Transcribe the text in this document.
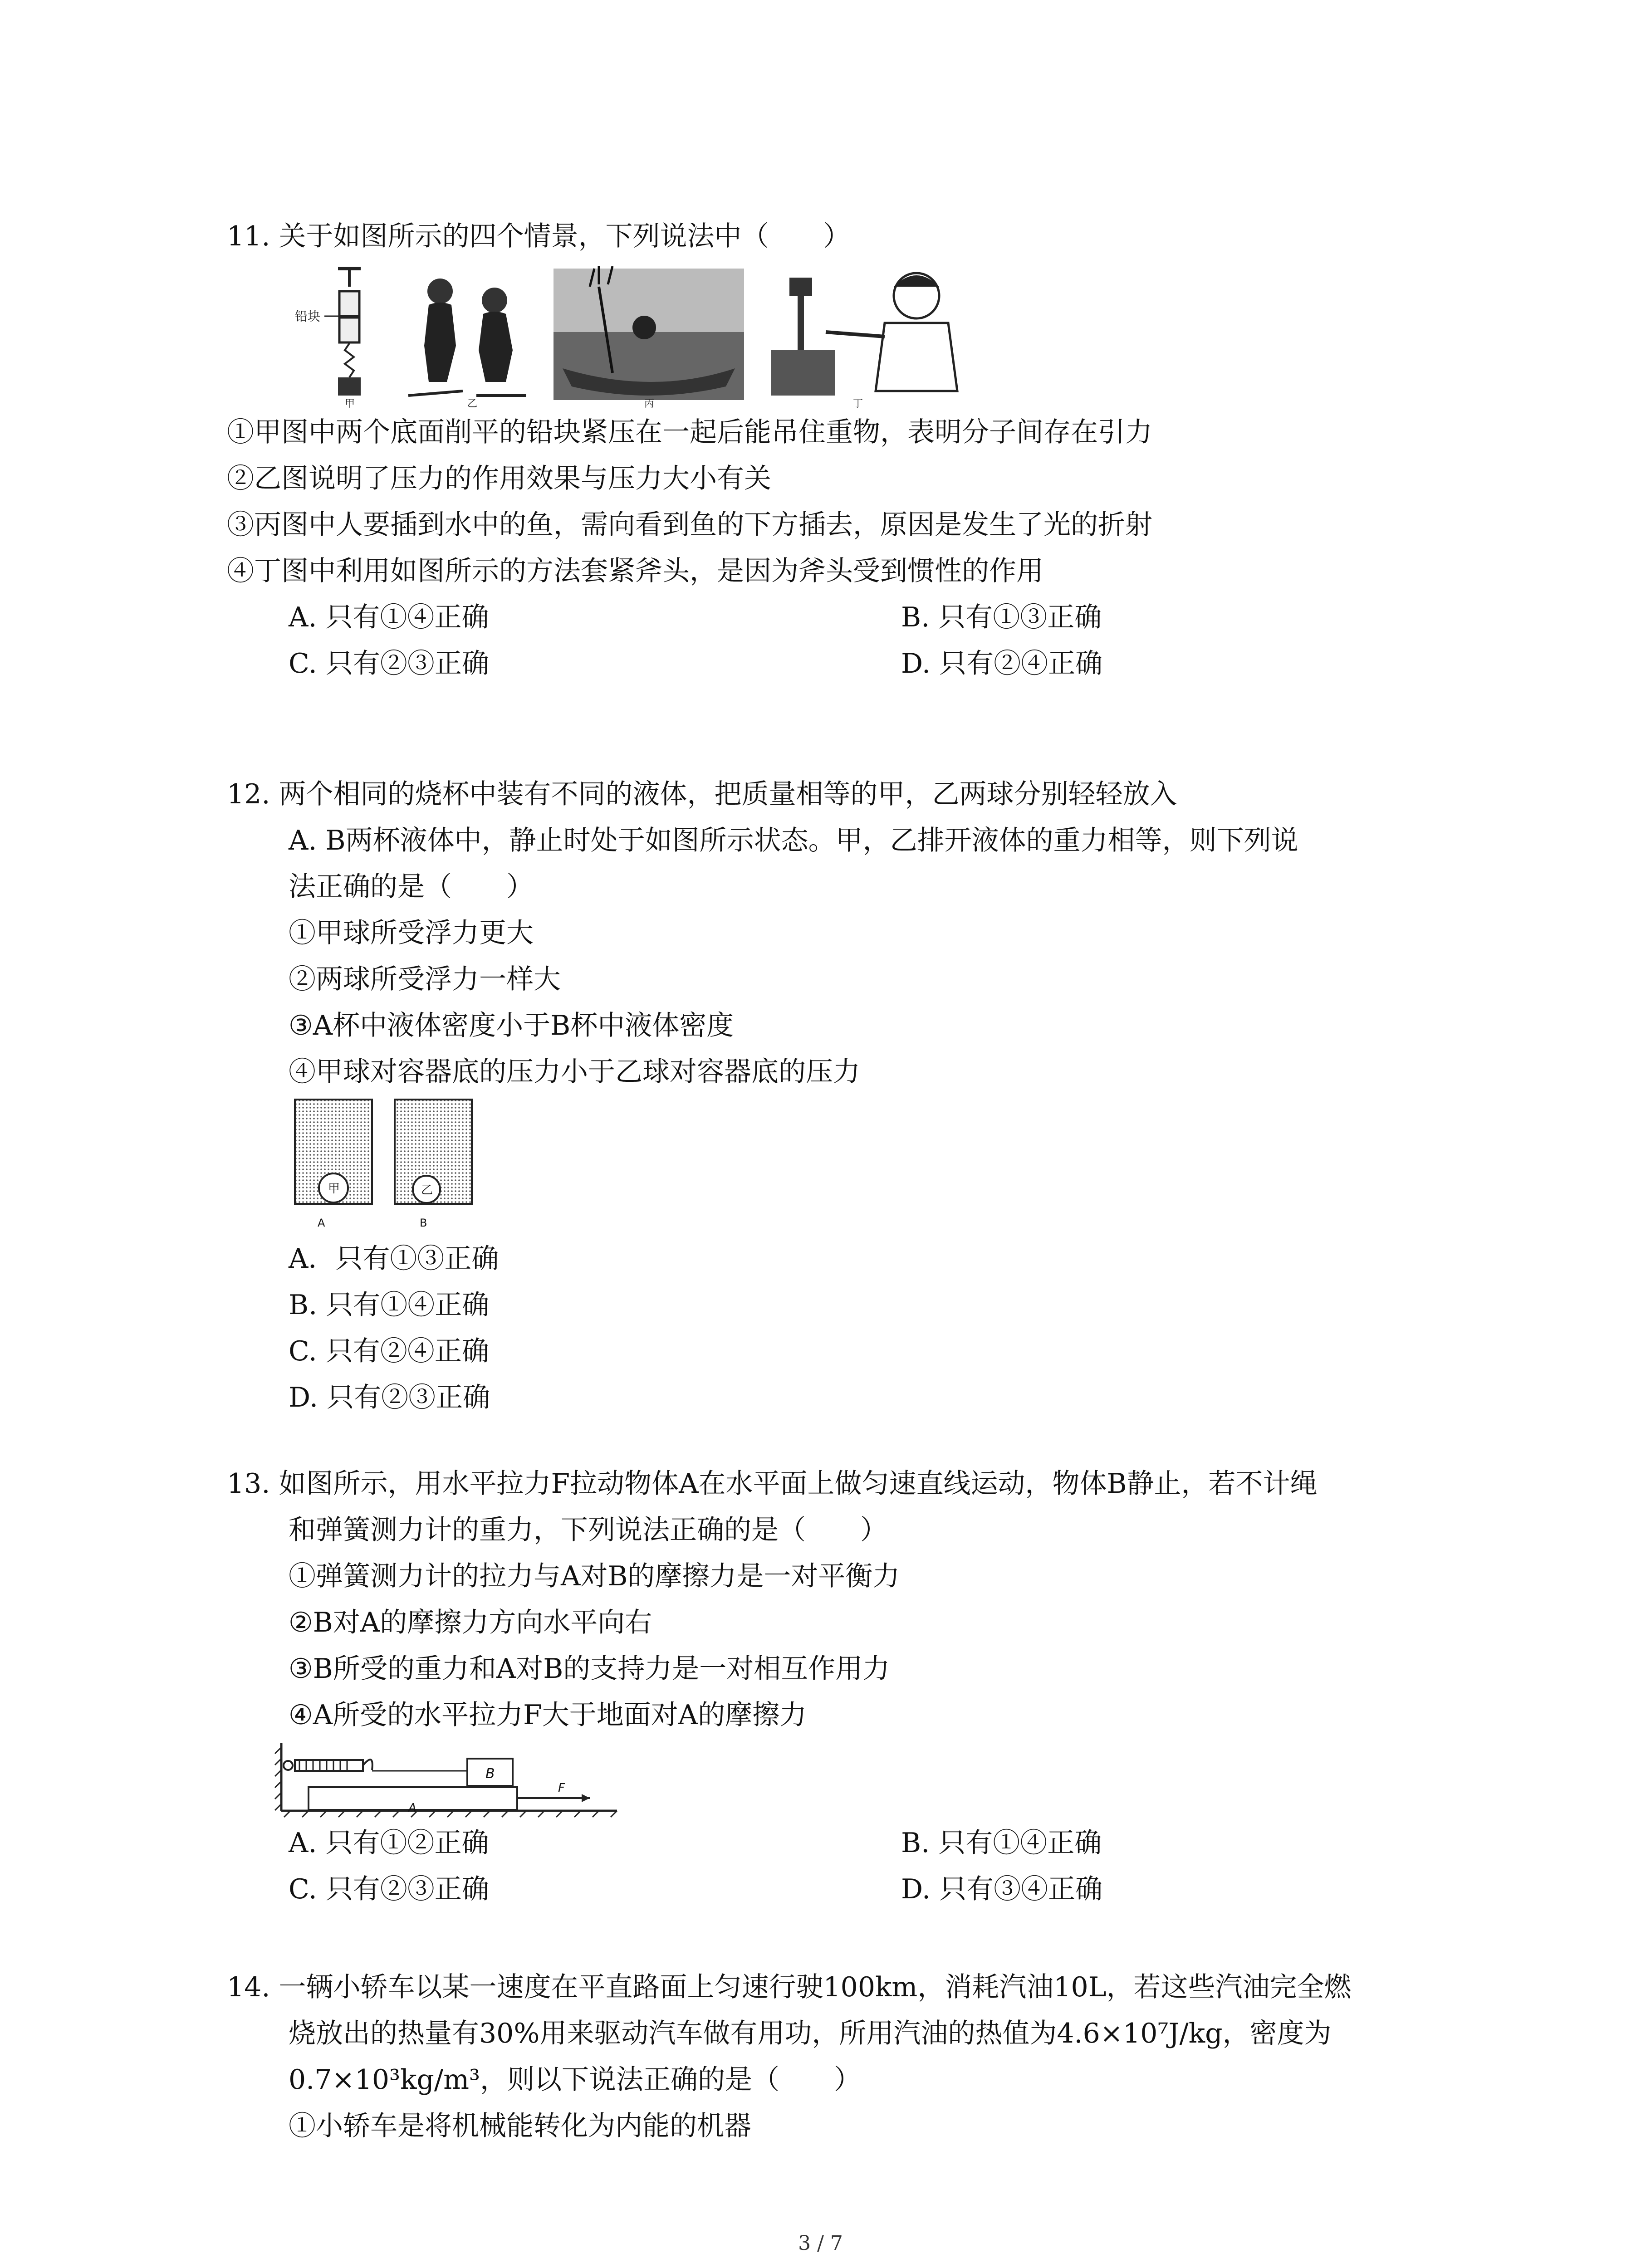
11. 关于如图所示的四个情景，下列说法中（　　）
铅块
甲	乙	丙	丁
①甲图中两个底面削平的铅块紧压在一起后能吊住重物，表明分子间存在引力
②乙图说明了压力的作用效果与压力大小有关
③丙图中人要插到水中的鱼，需向看到鱼的下方插去，原因是发生了光的折射
④丁图中利用如图所示的方法套紧斧头，是因为斧头受到惯性的作用
A. 只有①④正确	B. 只有①③正确
C. 只有②③正确	D. 只有②④正确
12. 两个相同的烧杯中装有不同的液体，把质量相等的甲，乙两球分别轻轻放入
A. B两杯液体中，静止时处于如图所示状态。甲，乙排开液体的重力相等，则下列说
法正确的是（　　）
①甲球所受浮力更大
②两球所受浮力一样大
③A杯中液体密度小于B杯中液体密度
④甲球对容器底的压力小于乙球对容器底的压力
甲
A
乙
B
A．只有①③正确
B. 只有①④正确
C. 只有②④正确
D. 只有②③正确
13. 如图所示，用水平拉力F拉动物体A在水平面上做匀速直线运动，物体B静止，若不计绳
和弹簧测力计的重力，下列说法正确的是（　　）
①弹簧测力计的拉力与A对B的摩擦力是一对平衡力
②B对A的摩擦力方向水平向右
③B所受的重力和A对B的支持力是一对相互作用力
④A所受的水平拉力F大于地面对A的摩擦力
B
A
F
A. 只有①②正确	B. 只有①④正确
C. 只有②③正确	D. 只有③④正确
14. 一辆小轿车以某一速度在平直路面上匀速行驶100km，消耗汽油10L，若这些汽油完全燃
烧放出的热量有30%用来驱动汽车做有用功，所用汽油的热值为4.6×10⁷J/kg，密度为
0.7×10³kg/m³，则以下说法正确的是（　　）
①小轿车是将机械能转化为内能的机器
3 / 7
